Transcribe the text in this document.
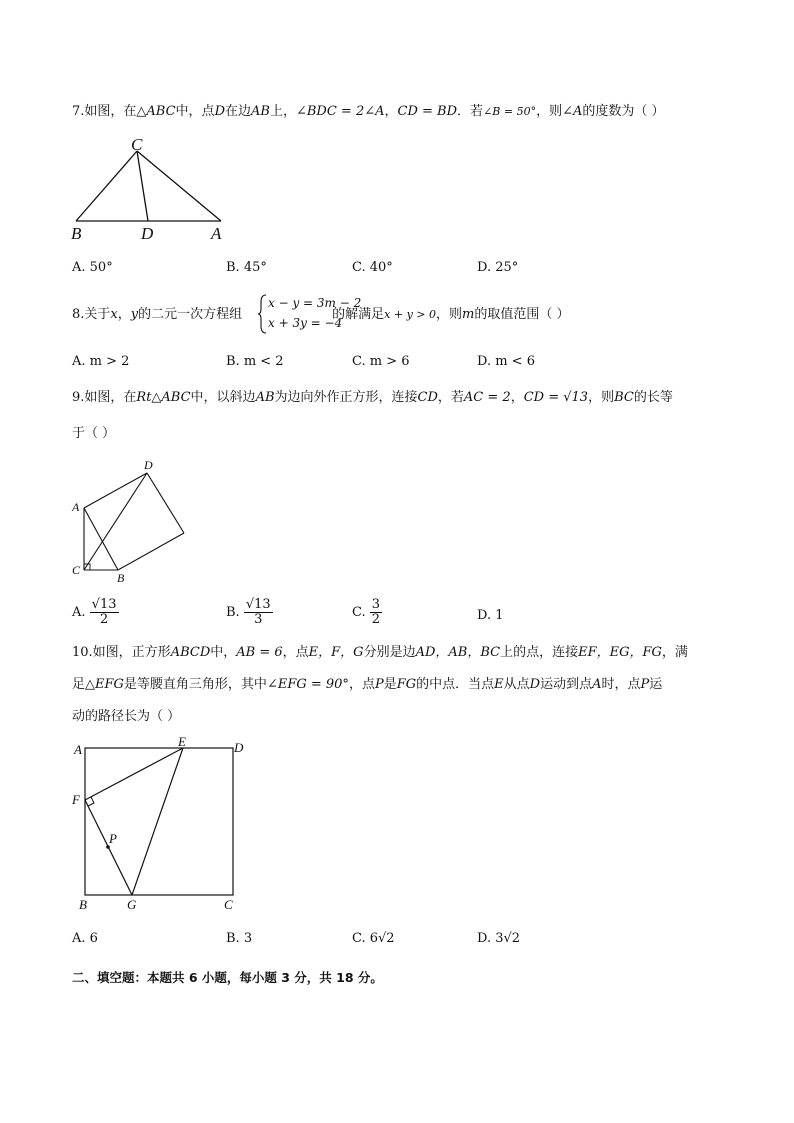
7.如图，在△ABC中，点D在边AB上，∠BDC = 2∠A，CD = BD．若∠B = 50°，则∠A的度数为（ ）
C
B	D	A
A. 50°	B. 45°	C. 40°	D. 25°
8.关于x，y的二元一次方程组	的解满足x + y > 0，则m的取值范围（ ）
x − y = 3m − 2
x + 3y = −4
A. m > 2	B. m < 2	C. m > 6	D. m < 6
9.如图，在Rt△ABC中，以斜边AB为边向外作正方形，连接CD，若AC = 2，CD = √13，则BC的长等
于（ ）
A
C
B
D
A. $\frac{√13}{2}$	B. $\frac{√13}{3}$	C. $\frac{3}{2}$	D. 1
10.如图，正方形ABCD中，AB = 6，点E，F，G分别是边AD，AB，BC上的点，连接EF，EG，FG，满
足△EFG是等腰直角三角形，其中∠EFG = 90°，点P是FG的中点．当点E从点D运动到点A时，点P运
动的路径长为（ ）
A
E	D
F
P
B	G	C
A. 6	B. 3	C. 6√2	D. 3√2
二、填空题：本题共 6 小题，每小题 3 分，共 18 分。
